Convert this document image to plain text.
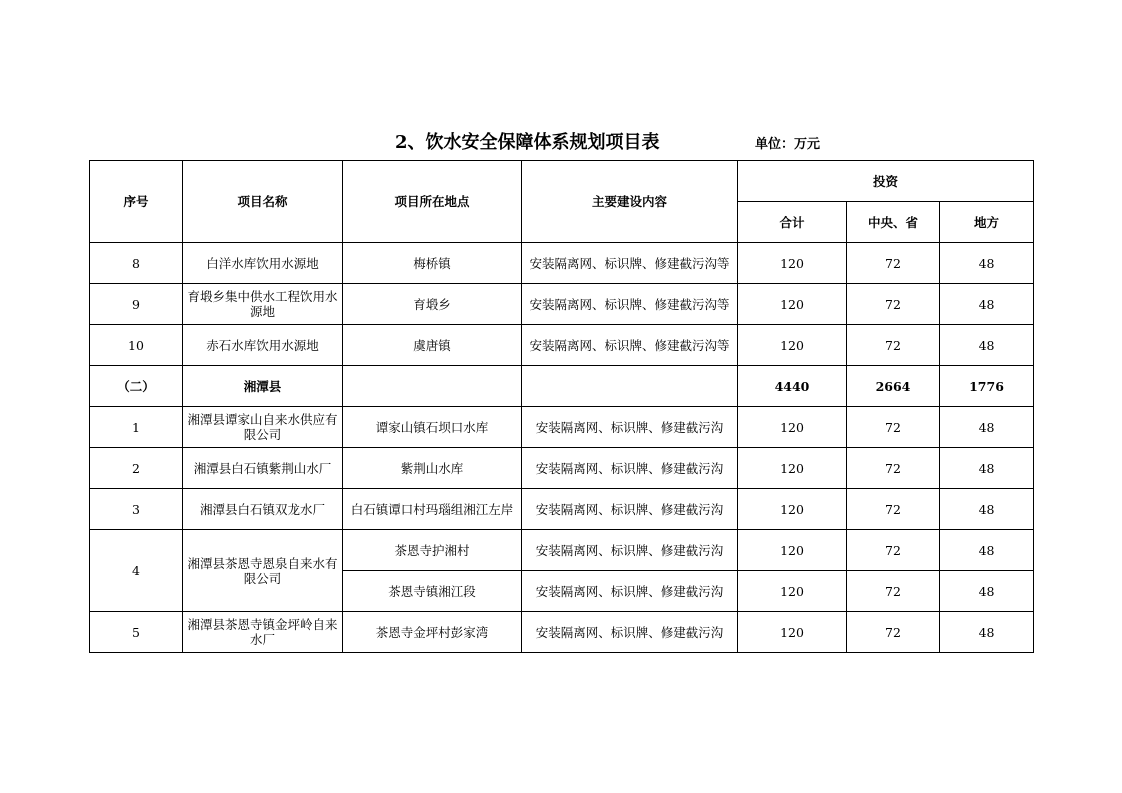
2、饮水安全保障体系规划项目表	单位：万元
序号	项目名称	项目所在地点	主要建设内容	投资		
				合计	中央、省	地方
8	白洋水库饮用水源地	梅桥镇	安装隔离网、标识牌、修建截污沟等	120	72	48
9	育塅乡集中供水工程饮用水源地	育塅乡	安装隔离网、标识牌、修建截污沟等	120	72	48
10	赤石水库饮用水源地	虞唐镇	安装隔离网、标识牌、修建截污沟等	120	72	48
（二）	湘潭县			4440	2664	1776
1	湘潭县谭家山自来水供应有限公司	谭家山镇石坝口水库	安装隔离网、标识牌、修建截污沟	120	72	48
2	湘潭县白石镇紫荆山水厂	紫荆山水库	安装隔离网、标识牌、修建截污沟	120	72	48
3	湘潭县白石镇双龙水厂	白石镇谭口村玛瑙组湘江左岸	安装隔离网、标识牌、修建截污沟	120	72	48
4	湘潭县茶恩寺恩泉自来水有限公司	茶恩寺护湘村	安装隔离网、标识牌、修建截污沟	120	72	48
		茶恩寺镇湘江段	安装隔离网、标识牌、修建截污沟	120	72	48
5	湘潭县茶恩寺镇金坪岭自来水厂	茶恩寺金坪村彭家湾	安装隔离网、标识牌、修建截污沟	120	72	48
